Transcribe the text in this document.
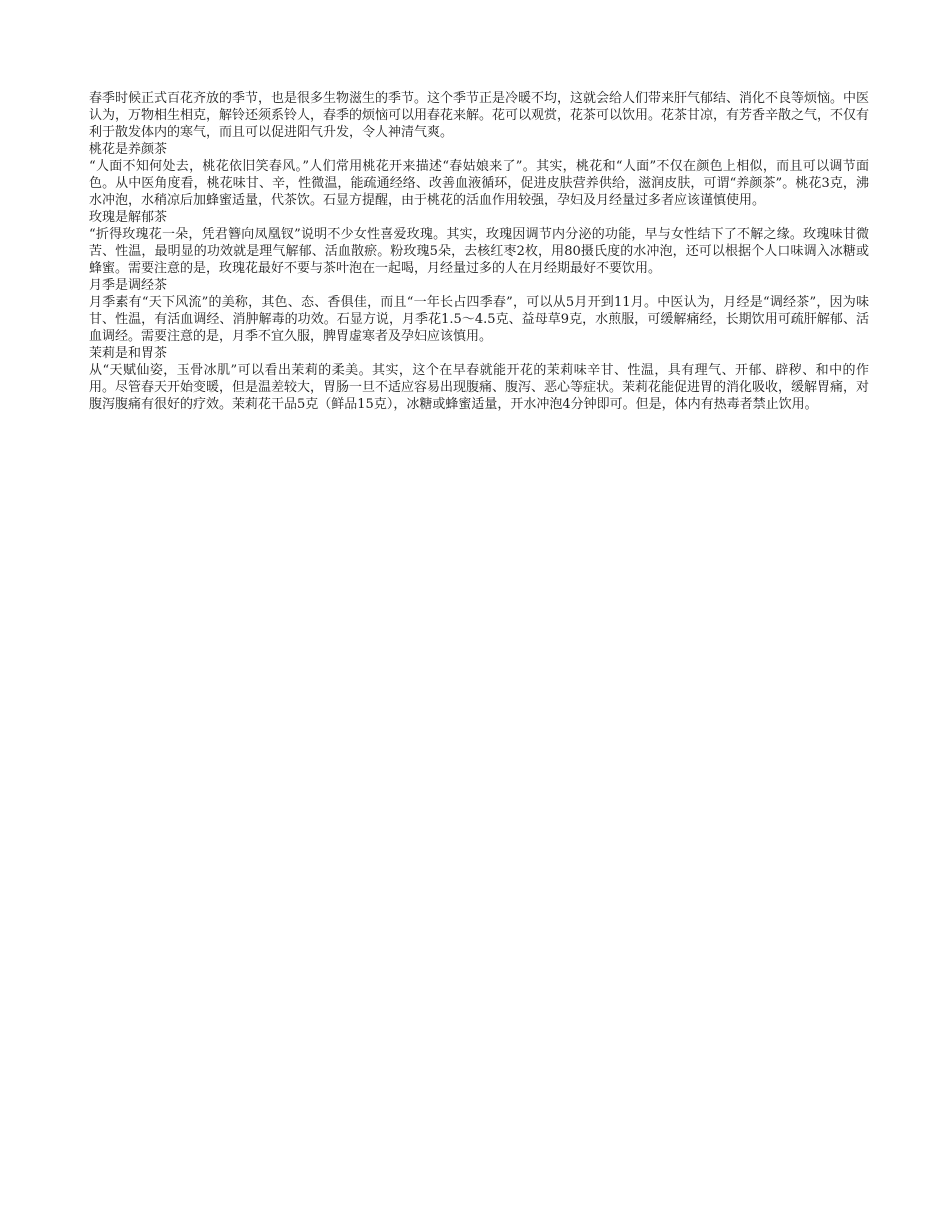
春季时候正式百花齐放的季节，也是很多生物滋生的季节。这个季节正是冷暖不均，这就会给人们带来肝气郁结、消化不良等烦恼。中医认为，万物相生相克，解铃还须系铃人，春季的烦恼可以用春花来解。花可以观赏，花茶可以饮用。花茶甘凉，有芳香辛散之气，不仅有利于散发体内的寒气，而且可以促进阳气升发，令人神清气爽。

桃花是养颜茶

“人面不知何处去，桃花依旧笑春风。”人们常用桃花开来描述“春姑娘来了”。其实，桃花和“人面”不仅在颜色上相似，而且可以调节面色。从中医角度看，桃花味甘、辛，性微温，能疏通经络、改善血液循环，促进皮肤营养供给，滋润皮肤，可谓“养颜茶”。桃花3克，沸水冲泡，水稍凉后加蜂蜜适量，代茶饮。石显方提醒，由于桃花的活血作用较强，孕妇及月经量过多者应该谨慎使用。

玫瑰是解郁茶

“折得玫瑰花一朵，凭君簪向凤凰钗”说明不少女性喜爱玫瑰。其实，玫瑰因调节内分泌的功能，早与女性结下了不解之缘。玫瑰味甘微苦、性温，最明显的功效就是理气解郁、活血散瘀。粉玫瑰5朵，去核红枣2枚，用80摄氏度的水冲泡，还可以根据个人口味调入冰糖或蜂蜜。需要注意的是，玫瑰花最好不要与茶叶泡在一起喝，月经量过多的人在月经期最好不要饮用。

月季是调经茶

月季素有“天下风流”的美称，其色、态、香俱佳，而且“一年长占四季春”，可以从5月开到11月。中医认为，月经是“调经茶”，因为味甘、性温，有活血调经、消肿解毒的功效。石显方说，月季花1.5～4.5克、益母草9克，水煎服，可缓解痛经，长期饮用可疏肝解郁、活血调经。需要注意的是，月季不宜久服，脾胃虚寒者及孕妇应该慎用。

茉莉是和胃茶

从“天赋仙姿，玉骨冰肌”可以看出茉莉的柔美。其实，这个在早春就能开花的茉莉味辛甘、性温，具有理气、开郁、辟秽、和中的作用。尽管春天开始变暖，但是温差较大，胃肠一旦不适应容易出现腹痛、腹泻、恶心等症状。茉莉花能促进胃的消化吸收，缓解胃痛，对腹泻腹痛有很好的疗效。茉莉花干品5克（鲜品15克），冰糖或蜂蜜适量，开水冲泡4分钟即可。但是，体内有热毒者禁止饮用。
